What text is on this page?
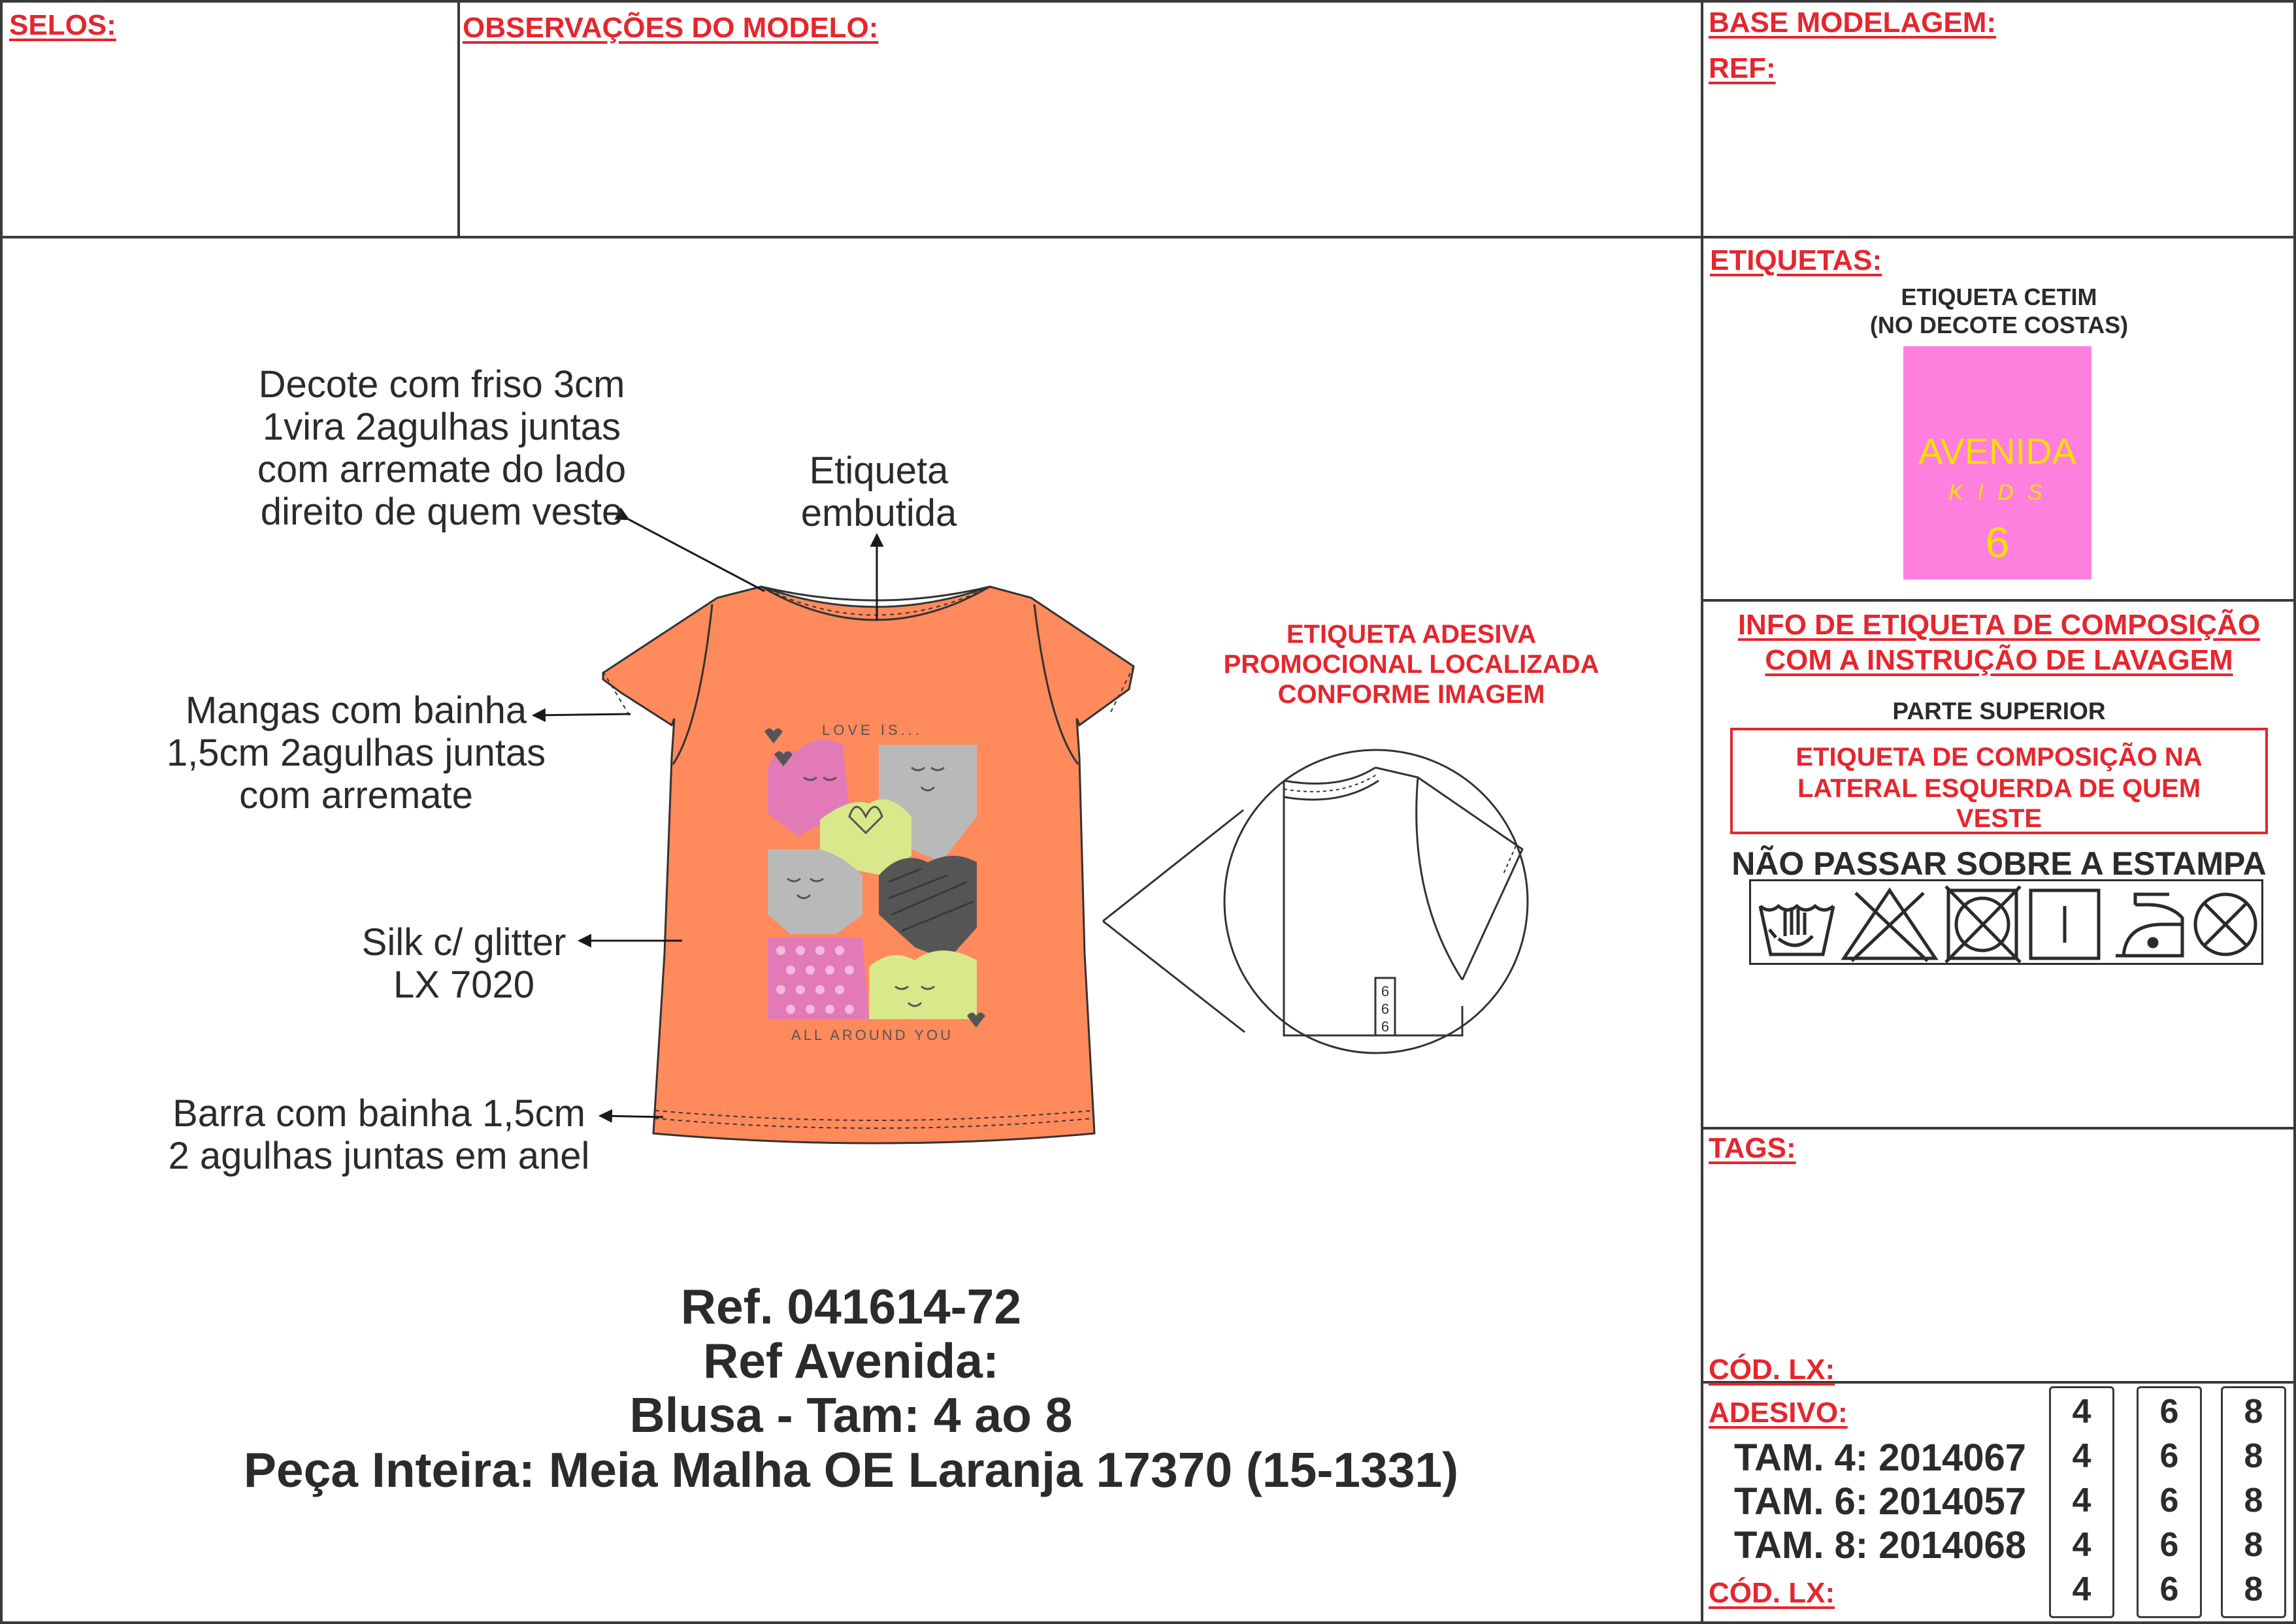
SELOS:	OBSERVAÇÕES DO MODELO:	BASE MODELAGEM:
REF:
ETIQUETAS:
TAGS:
CÓD. LX:
ADESIVO:
CÓD. LX:
ETIQUETA CETIM
(NO DECOTE COSTAS)
AVENIDA
K I D S
6
INFO DE ETIQUETA DE COMPOSIÇÃO
COM A INSTRUÇÃO DE LAVAGEM
PARTE SUPERIOR
ETIQUETA DE COMPOSIÇÃO NA
LATERAL ESQUERDA DE QUEM
VESTE
NÃO PASSAR SOBRE A ESTAMPA
TAM. 4: 2014067
TAM. 6: 2014057
TAM. 8: 2014068
4
4
4
4
4
6
6
6
6
6
8
8
8
8
8
LOVE IS...
ALL AROUND YOU
6
6
6
Decote com friso 3cm
1vira 2agulhas juntas
com arremate do lado
direito de quem veste
Etiqueta
embutida
Mangas com bainha
1,5cm 2agulhas juntas
com arremate
Silk c/ glitter
LX 7020
Barra com bainha 1,5cm
2 agulhas juntas em anel
ETIQUETA ADESIVA
PROMOCIONAL LOCALIZADA
CONFORME IMAGEM
Ref. 041614-72
Ref Avenida:
Blusa - Tam: 4 ao 8
Peça Inteira: Meia Malha OE Laranja 17370 (15-1331)
